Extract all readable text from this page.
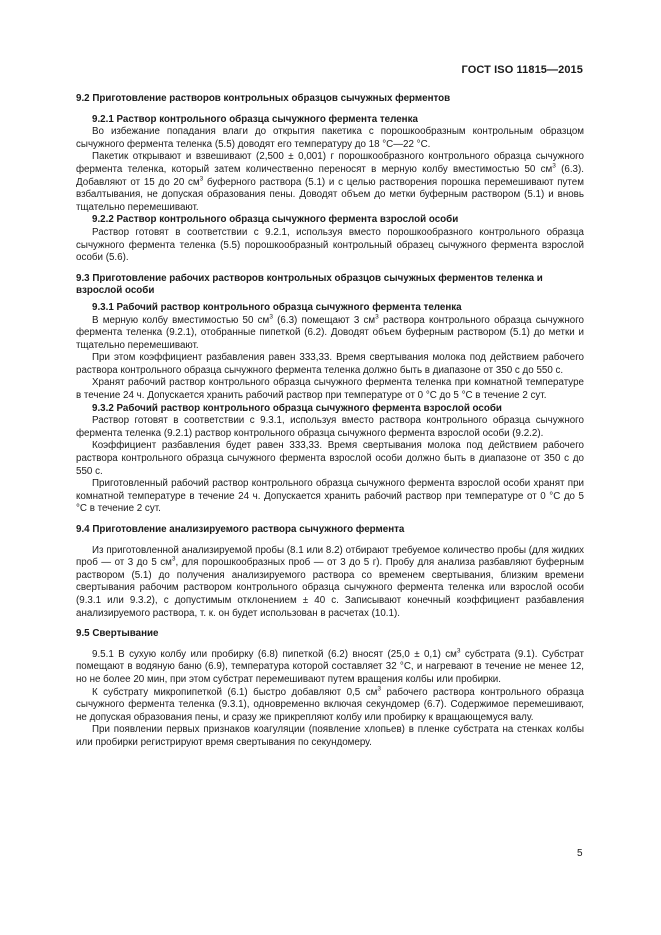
ГОСТ ISO 11815—2015

9.2 Приготовление растворов контрольных образцов сычужных ферментов

9.2.1 Раствор контрольного образца сычужного фермента теленка

Во избежание попадания влаги до открытия пакетика с порошкообразным контрольным образцом сычужного фермента теленка (5.5) доводят его температуру до 18 °С—22 °С.

Пакетик открывают и взвешивают (2,500 ± 0,001) г порошкообразного контрольного образца сычужного фермента теленка, который затем количественно переносят в мерную колбу вместимостью 50 $см^3$ (6.3). Добавляют от 15 до 20 $см^3$ буферного раствора (5.1) и с целью растворения порошка перемешивают путем взбалтывания, не допуская образования пены. Доводят объем до метки буферным раствором (5.1) и вновь тщательно перемешивают.

9.2.2 Раствор контрольного образца сычужного фермента взрослой особи

Раствор готовят в соответствии с 9.2.1, используя вместо порошкообразного контрольного образца сычужного фермента теленка (5.5) порошкообразный контрольный образец сычужного фермента взрослой особи (5.6).

9.3 Приготовление рабочих растворов контрольных образцов сычужных ферментов теленка и взрослой особи

9.3.1 Рабочий раствор контрольного образца сычужного фермента теленка

В мерную колбу вместимостью 50 $см^3$ (6.3) помещают 3 $см^3$ раствора контрольного образца сычужного фермента теленка (9.2.1), отобранные пипеткой (6.2). Доводят объем буферным раствором (5.1) до метки и тщательно перемешивают.

При этом коэффициент разбавления равен 333,33. Время свертывания молока под действием рабочего раствора контрольного образца сычужного фермента теленка должно быть в диапазоне от 350 с до 550 с.

Хранят рабочий раствор контрольного образца сычужного фермента теленка при комнатной температуре в течение 24 ч. Допускается хранить рабочий раствор при температуре от 0 °С до 5 °С в течение 2 сут.

9.3.2 Рабочий раствор контрольного образца сычужного фермента взрослой особи

Раствор готовят в соответствии с 9.3.1, используя вместо раствора контрольного образца сычужного фермента теленка (9.2.1) раствор контрольного образца сычужного фермента взрослой особи (9.2.2).

Коэффициент разбавления будет равен 333,33. Время свертывания молока под действием рабочего раствора контрольного образца сычужного фермента взрослой особи должно быть в диапазоне от 350 с до 550 с.

Приготовленный рабочий раствор контрольного образца сычужного фермента взрослой особи хранят при комнатной температуре в течение 24 ч. Допускается хранить рабочий раствор при температуре от 0 °С до 5 °С в течение 2 сут.

9.4 Приготовление анализируемого раствора сычужного фермента

Из приготовленной анализируемой пробы (8.1 или 8.2) отбирают требуемое количество пробы (для жидких проб — от 3 до 5 $см^3$, для порошкообразных проб — от 3 до 5 г). Пробу для анализа разбавляют буферным раствором (5.1) до получения анализируемого раствора со временем свертывания, близким времени свертывания рабочим раствором контрольного образца сычужного фермента теленка или взрослой особи (9.3.1 или 9.3.2), с допустимым отклонением ± 40 с. Записывают конечный коэффициент разбавления анализируемого раствора, т. к. он будет использован в расчетах (10.1).

9.5 Свертывание

9.5.1 В сухую колбу или пробирку (6.8) пипеткой (6.2) вносят (25,0 ± 0,1) $см^3$ субстрата (9.1). Субстрат помещают в водяную баню (6.9), температура которой составляет 32 °С, и нагревают в течение не менее 12, но не более 20 мин, при этом субстрат перемешивают путем вращения колбы или пробирки.

К субстрату микропипеткой (6.1) быстро добавляют 0,5 $см^3$ рабочего раствора контрольного образца сычужного фермента теленка (9.3.1), одновременно включая секундомер (6.7). Содержимое перемешивают, не допуская образования пены, и сразу же прикрепляют колбу или пробирку к вращающемуся валу.

При появлении первых признаков коагуляции (появление хлопьев) в пленке субстрата на стенках колбы или пробирки регистрируют время свертывания по секундомеру.

5
